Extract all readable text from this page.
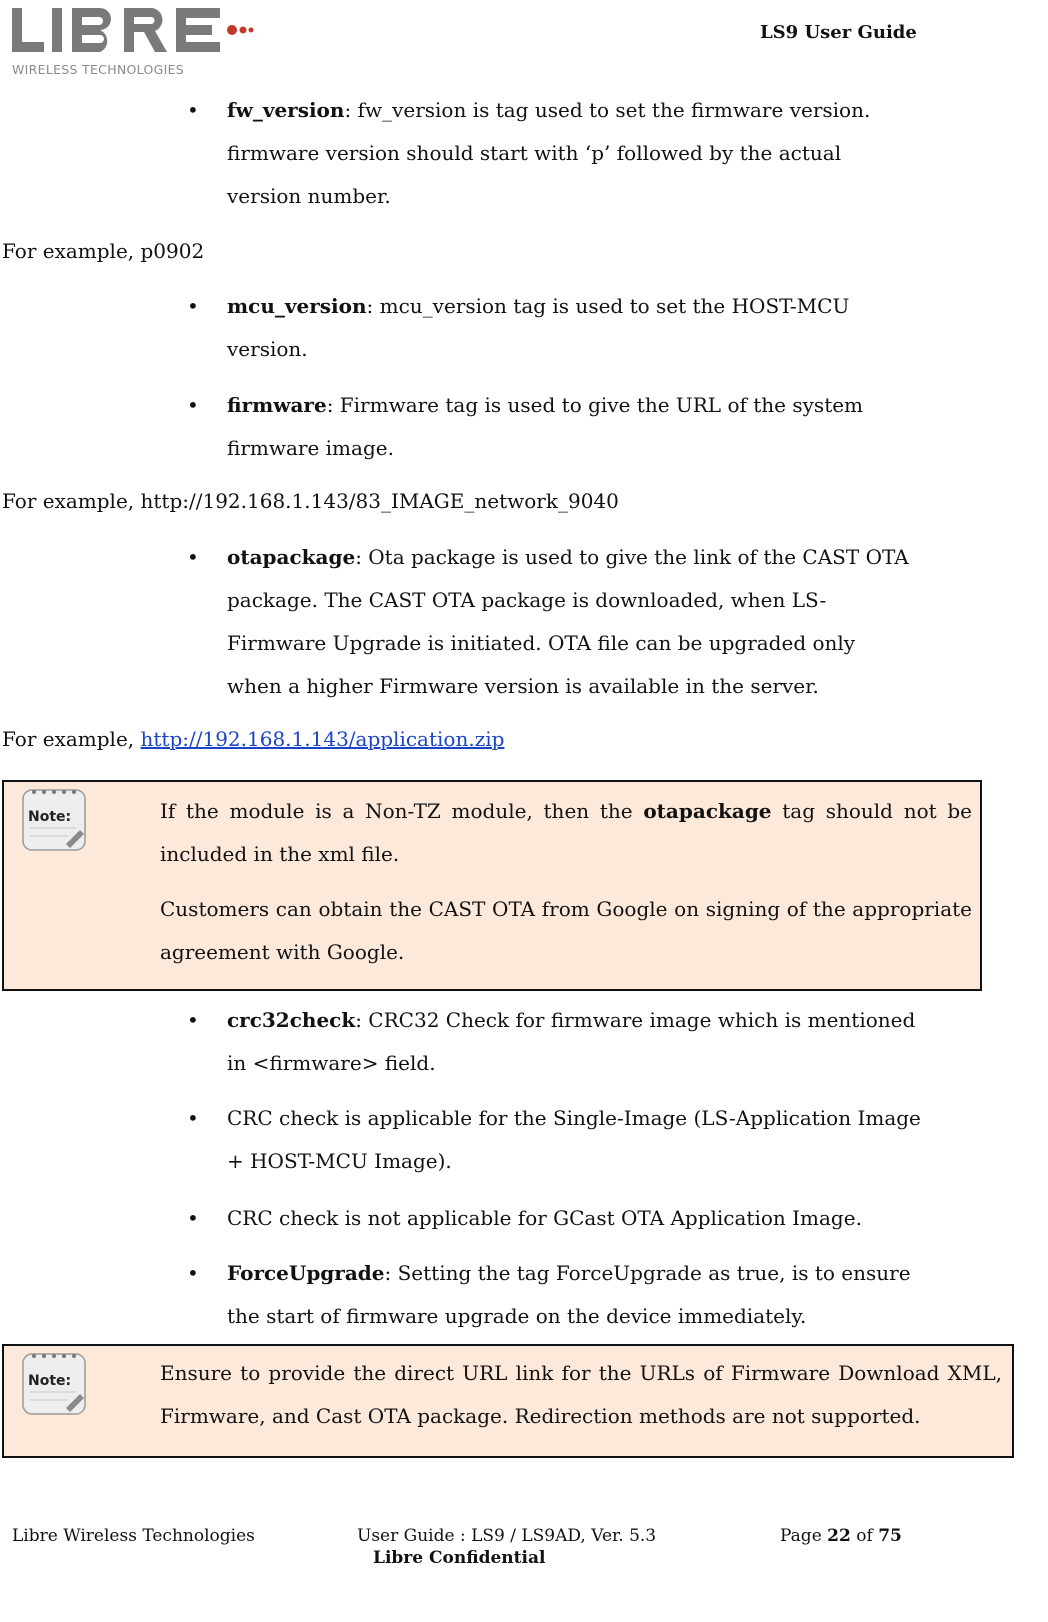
WIRELESS TECHNOLOGIES
LS9 User Guide
• fw_version: fw_version is tag used to set the firmware version.
firmware version should start with ‘p’ followed by the actual
version number.
For example, p0902
• mcu_version: mcu_version tag is used to set the HOST-MCU
version.
• firmware: Firmware tag is used to give the URL of the system
firmware image.
For example, http://192.168.1.143/83_IMAGE_network_9040
• otapackage: Ota package is used to give the link of the CAST OTA
package. The CAST OTA package is downloaded, when LS-
Firmware Upgrade is initiated. OTA file can be upgraded only
when a higher Firmware version is available in the server.
For example, http://192.168.1.143/application.zip
Note:	If the module is a Non-TZ module, then the otapackage tag should not be included in the xml file.

Customers can obtain the CAST OTA from Google on signing of the appropriate agreement with Google.

• crc32check: CRC32 Check for firmware image which is mentioned
in <firmware> field.
• CRC check is applicable for the Single-Image (LS-Application Image
+ HOST-MCU Image).
• CRC check is not applicable for GCast OTA Application Image.
• ForceUpgrade: Setting the tag ForceUpgrade as true, is to ensure
the start of firmware upgrade on the device immediately.
Note:	Ensure to provide the direct URL link for the URLs of Firmware Download XML, Firmware, and Cast OTA package. Redirection methods are not supported.

Libre Wireless Technologies	User Guide : LS9 / LS9AD, Ver. 5.3	Page 22 of 75
Libre Confidential
